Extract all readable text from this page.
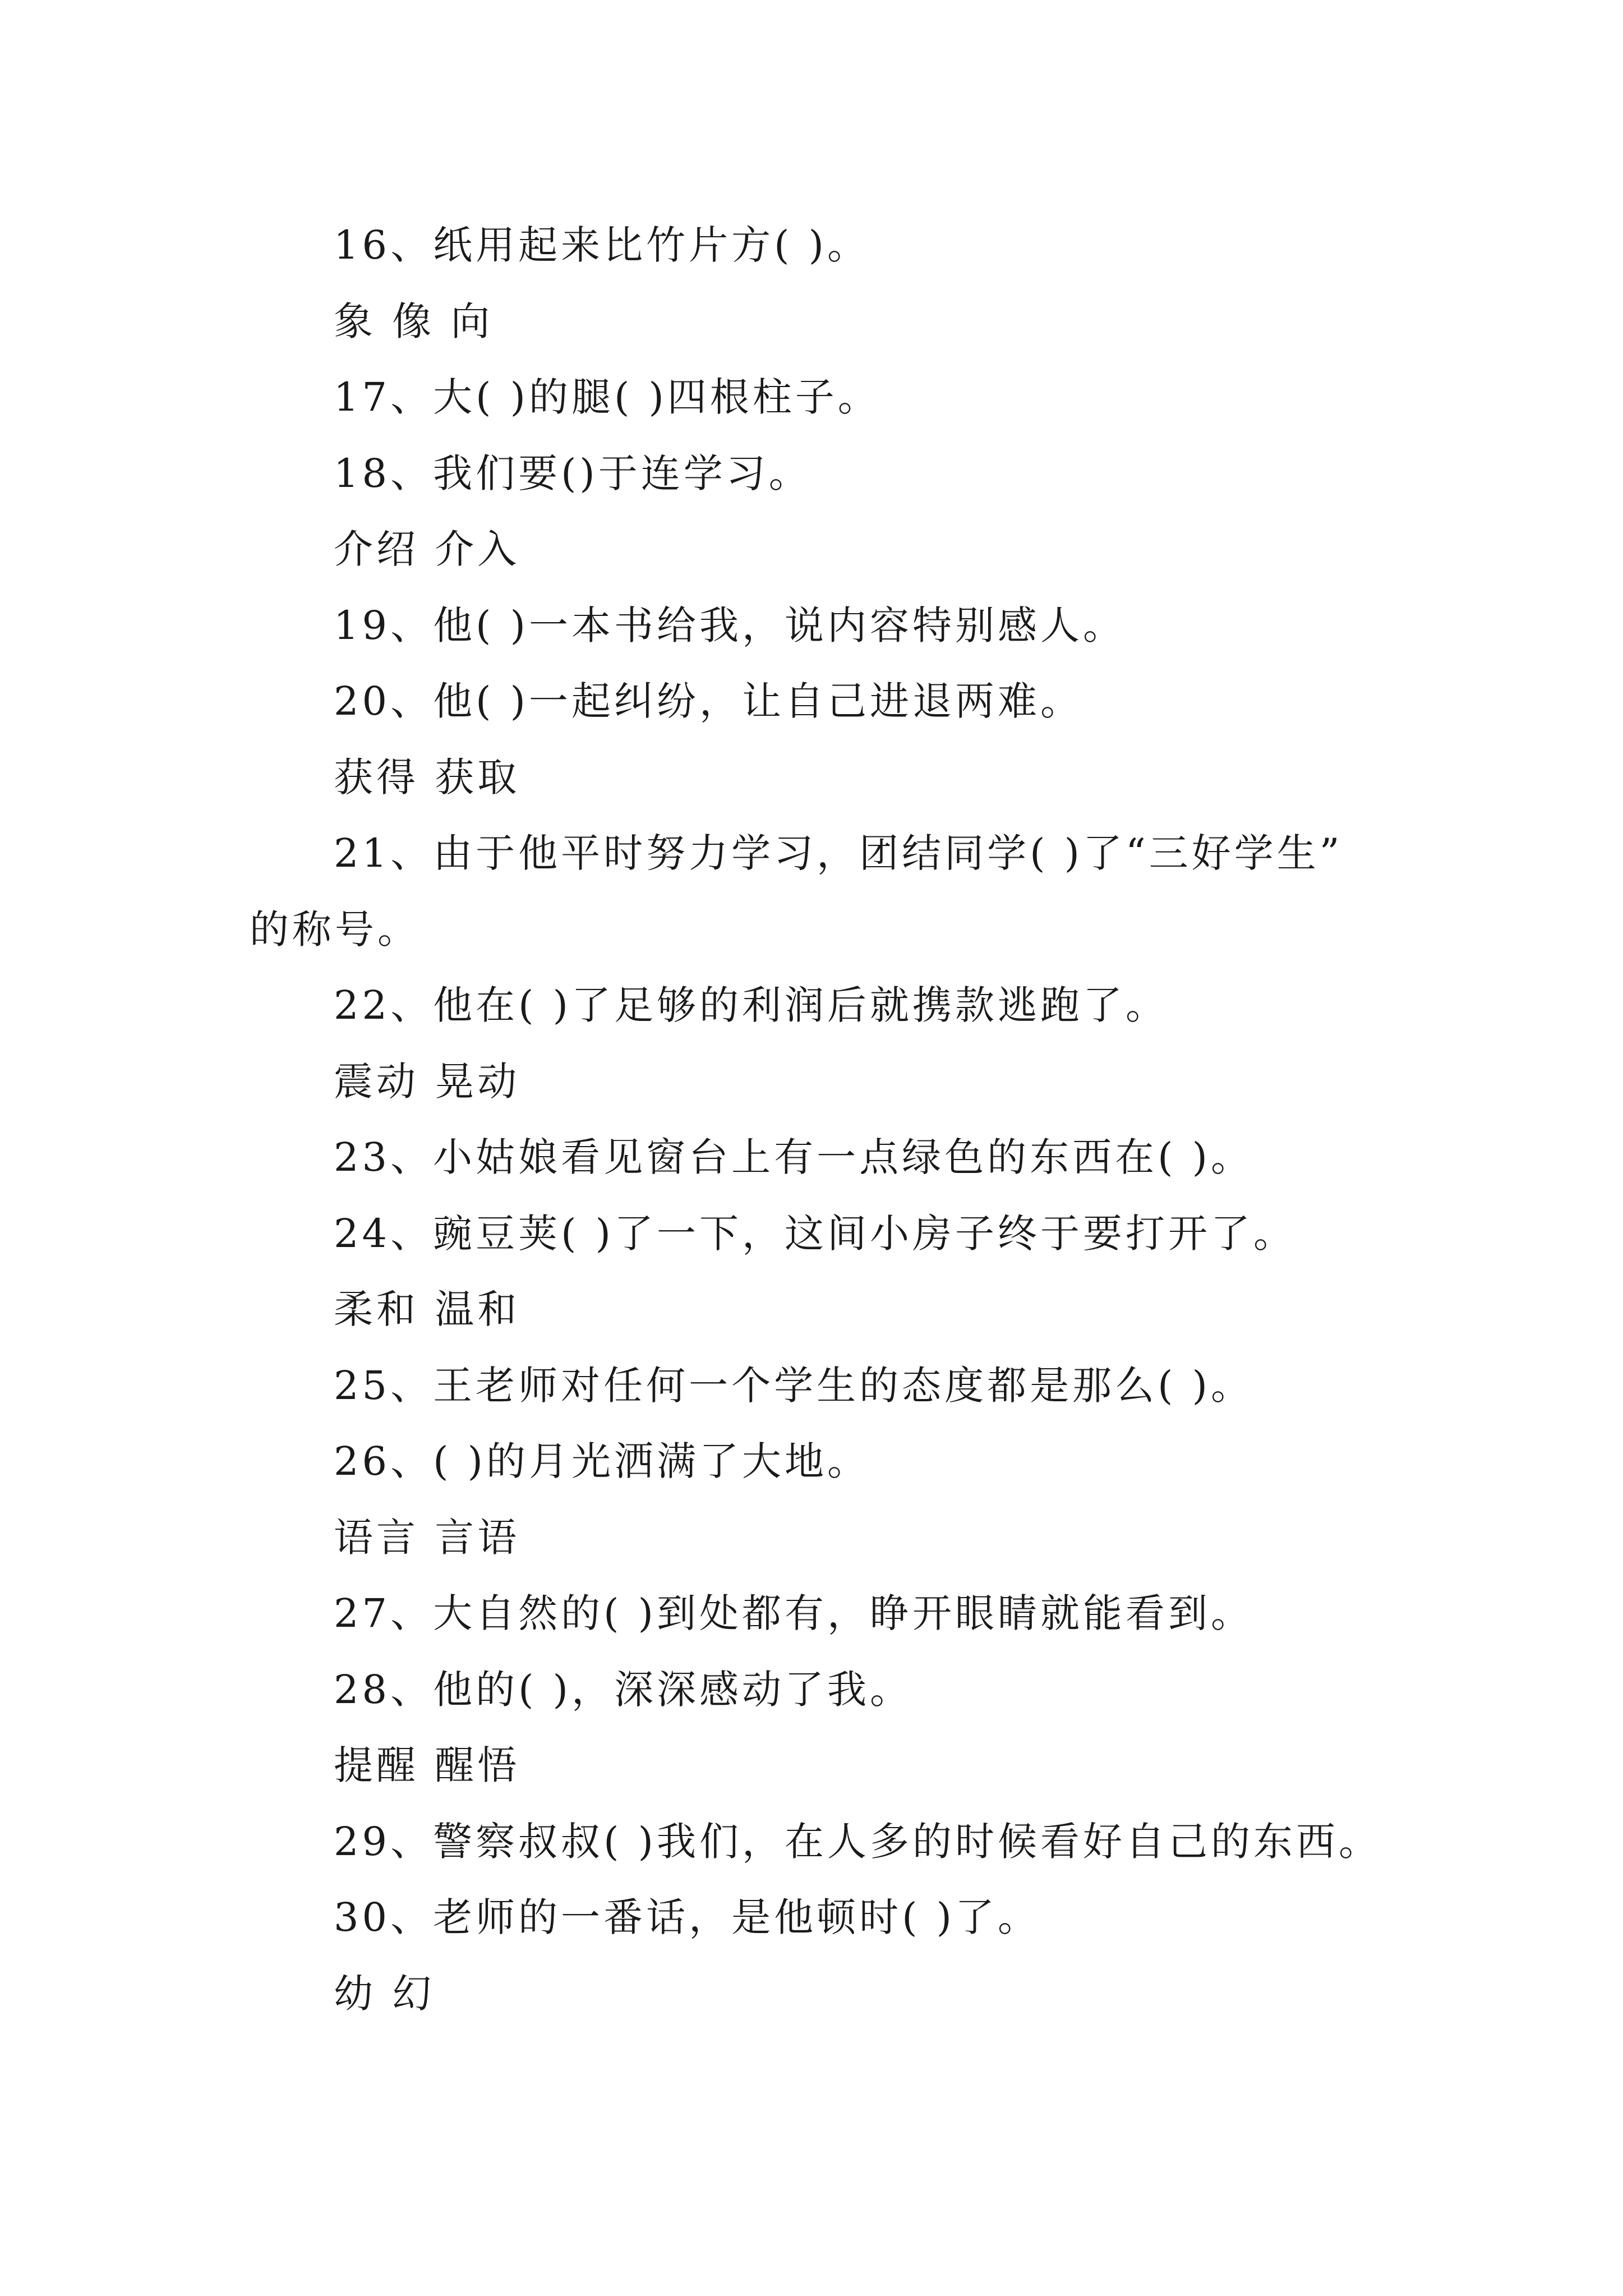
16、纸用起来比竹片方( )。
象 像 向
17、大( )的腿( )四根柱子。
18、我们要()于连学习。
介绍 介入
19、他( )一本书给我，说内容特别感人。
20、他( )一起纠纷，让自己进退两难。
获得 获取
21、由于他平时努力学习，团结同学( )了“三好学生”
的称号。
22、他在( )了足够的利润后就携款逃跑了。
震动 晃动
23、小姑娘看见窗台上有一点绿色的东西在( )。
24、豌豆荚( )了一下，这间小房子终于要打开了。
柔和 温和
25、王老师对任何一个学生的态度都是那么( )。
26、( )的月光洒满了大地。
语言 言语
27、大自然的( )到处都有，睁开眼睛就能看到。
28、他的( )，深深感动了我。
提醒 醒悟
29、警察叔叔( )我们，在人多的时候看好自己的东西。
30、老师的一番话，是他顿时( )了。
幼 幻
